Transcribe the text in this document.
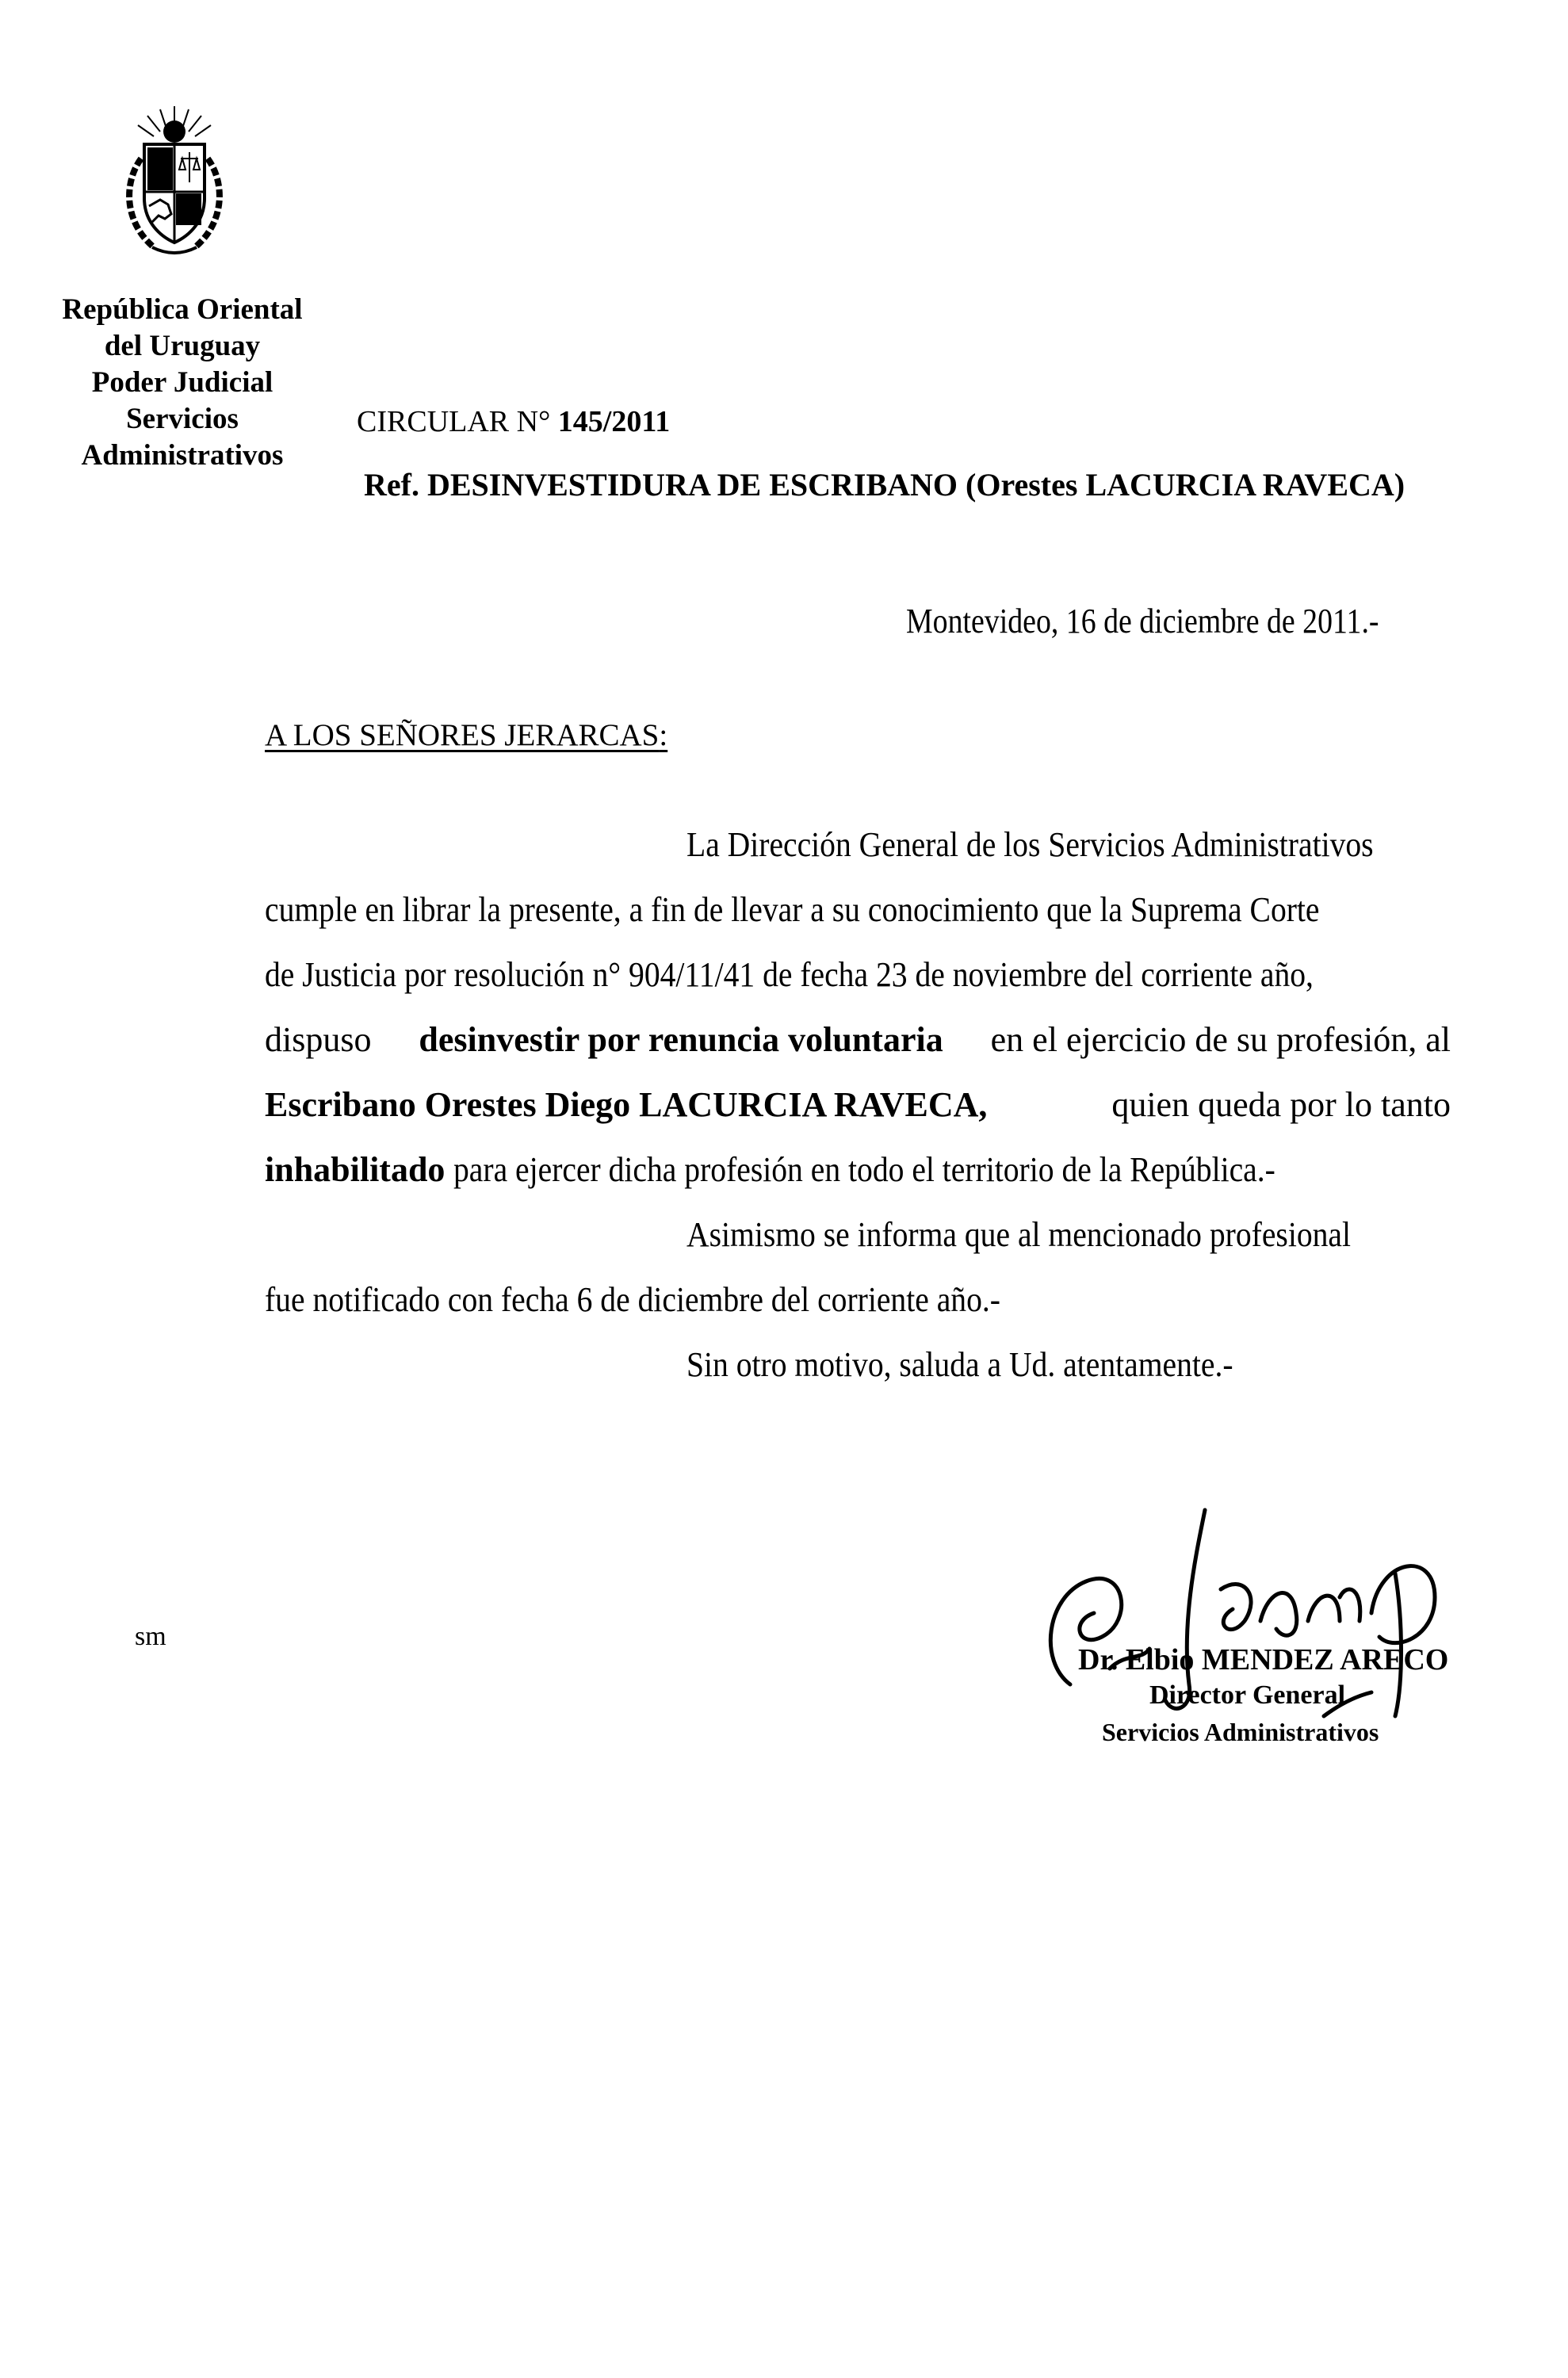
República Oriental
del Uruguay
Poder Judicial
Servicios
Administrativos
CIRCULAR N° 145/2011
Ref. DESINVESTIDURA DE ESCRIBANO (Orestes LACURCIA RAVECA)
Montevideo, 16 de diciembre de 2011.-
A LOS SEÑORES JERARCAS:
La Dirección General de los Servicios Administrativos
cumple en librar la presente, a fin de llevar a su conocimiento que la Suprema Corte
de Justicia por resolución n° 904/11/41 de fecha 23 de noviembre del corriente año,
dispuso desinvestir por renuncia voluntaria en el ejercicio de su profesión, al
Escribano Orestes Diego LACURCIA RAVECA,	quien queda por lo tanto
inhabilitado para ejercer dicha profesión en todo el territorio de la República.-
Asimismo se informa que al mencionado profesional
fue notificado con fecha 6 de diciembre del corriente año.-
Sin otro motivo, saluda a Ud. atentamente.-
sm
Dr. Elbio MENDEZ ARECO
Director General
Servicios Administrativos
